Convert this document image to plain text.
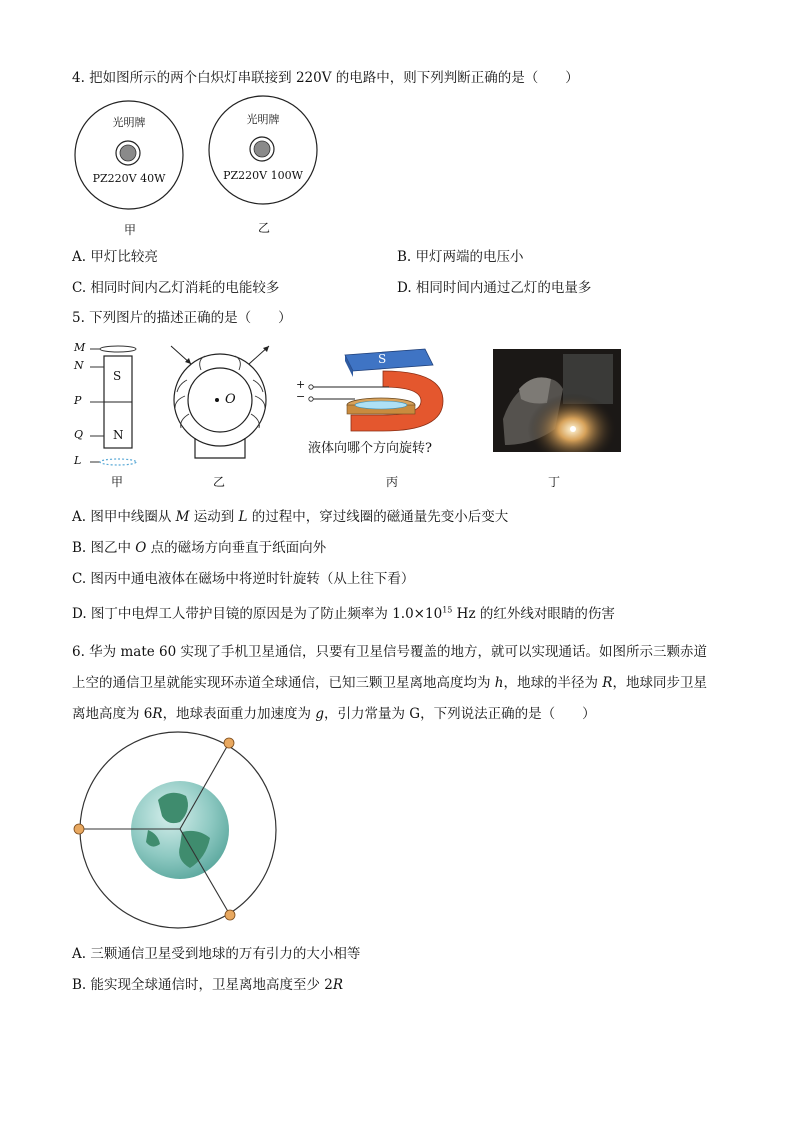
4. 把如图所示的两个白炽灯串联接到 220V 的电路中，则下列判断正确的是（　　）
光明牌
PZ220V 40W
甲
光明牌
PZ220V 100W
乙
A. 甲灯比较亮	B. 甲灯两端的电压小
C. 相同时间内乙灯消耗的电能较多	D. 相同时间内通过乙灯的电量多
5. 下列图片的描述正确的是（　　）
M
N
P
Q
L
S
N
甲
O
乙
S
+
−
液体向哪个方向旋转?
丙	丁
A. 图甲中线圈从 M 运动到 L 的过程中，穿过线圈的磁通量先变小后变大
B. 图乙中 O 点的磁场方向垂直于纸面向外
C. 图丙中通电液体在磁场中将逆时针旋转（从上往下看）
D. 图丁中电焊工人带护目镜的原因是为了防止频率为 $1.0\times 10^{15}$ Hz 的红外线对眼睛的伤害
6. 华为 mate 60 实现了手机卫星通信，只要有卫星信号覆盖的地方，就可以实现通话。如图所示三颗赤道
上空的通信卫星就能实现环赤道全球通信，已知三颗卫星离地高度均为 h，地球的半径为 R，地球同步卫星
离地高度为 6R，地球表面重力加速度为 g，引力常量为 G，下列说法正确的是（　　）
A. 三颗通信卫星受到地球的万有引力的大小相等
B. 能实现全球通信时，卫星离地高度至少 2R
